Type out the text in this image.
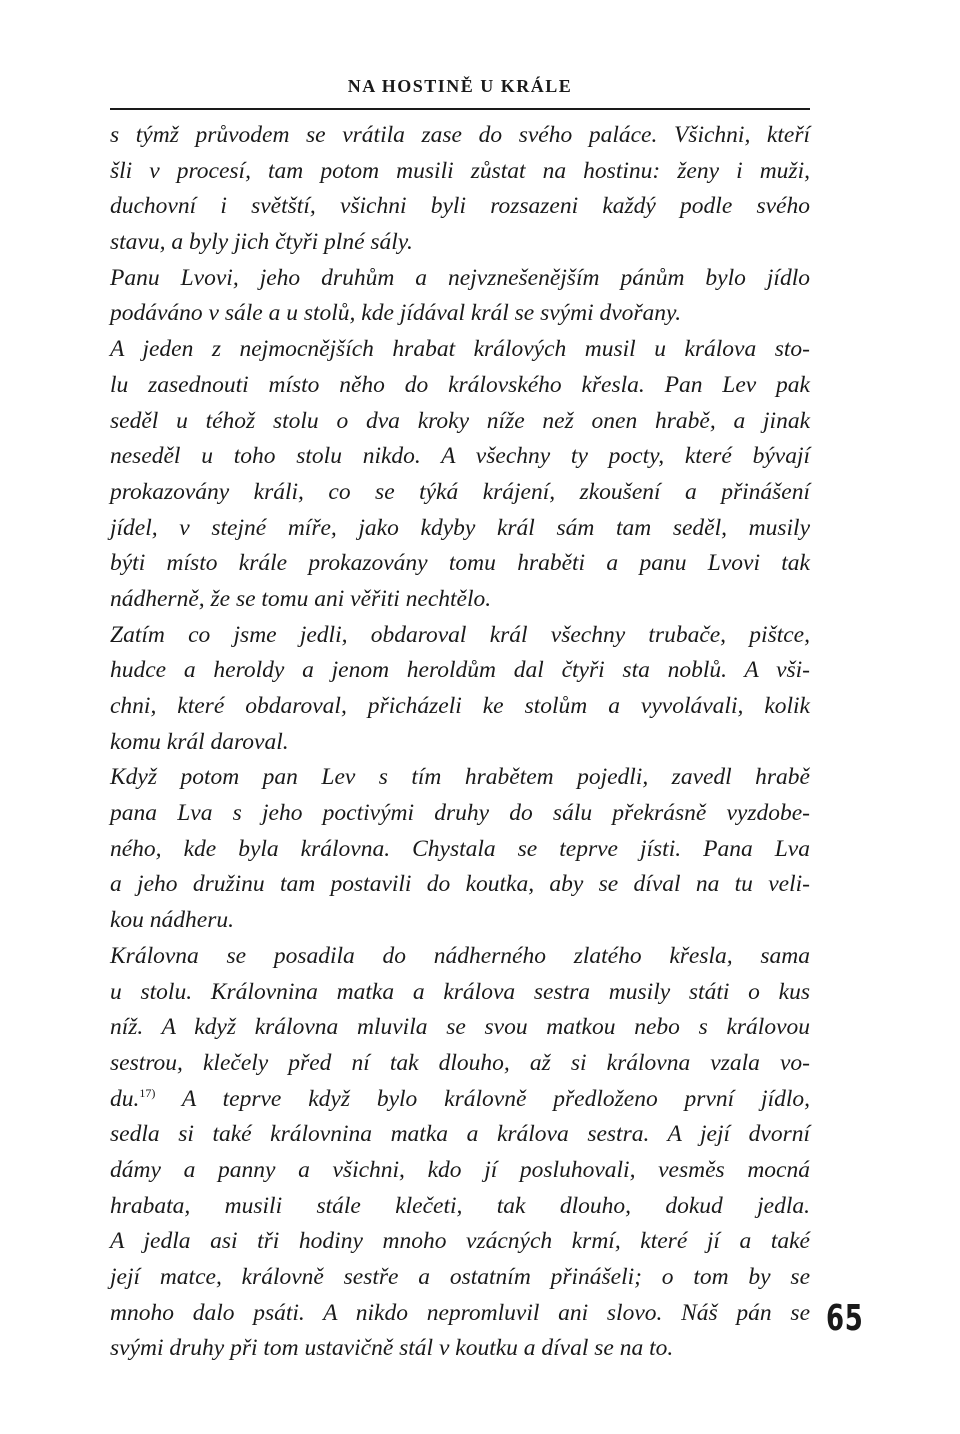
NA HOSTINĚ U KRÁLE
s týmž průvodem se vrátila zase do svého paláce. Všichni, kteří
šli v procesí, tam potom musili zůstat na hostinu: ženy i muži,
duchovní i světští, všichni byli rozsazeni každý podle svého
stavu, a byly jich čtyři plné sály.
Panu Lvovi, jeho druhům a nejvznešenějším pánům bylo jídlo
podáváno v sále a u stolů, kde jídával král se svými dvořany.
A jeden z nejmocnějších hrabat králových musil u králova sto-
lu zasednouti místo něho do královského křesla. Pan Lev pak
seděl u téhož stolu o dva kroky níže než onen hrabě, a jinak
neseděl u toho stolu nikdo. A všechny ty pocty, které bývají
prokazovány králi, co se týká krájení, zkoušení a přinášení
jídel, v stejné míře, jako kdyby král sám tam seděl, musily
býti místo krále prokazovány tomu hraběti a panu Lvovi tak
nádherně, že se tomu ani věřiti nechtělo.
Zatím co jsme jedli, obdaroval král všechny trubače, pištce,
hudce a heroldy a jenom heroldům dal čtyři sta noblů. A vši-
chni, které obdaroval, přicházeli ke stolům a vyvolávali, kolik
komu král daroval.
Když potom pan Lev s tím hrabětem pojedli, zavedl hrabě
pana Lva s jeho poctivými druhy do sálu překrásně vyzdobe-
ného, kde byla královna. Chystala se teprve jísti. Pana Lva
a jeho družinu tam postavili do koutka, aby se díval na tu veli-
kou nádheru.
Královna se posadila do nádherného zlatého křesla, sama
u stolu. Královnina matka a králova sestra musily státi o kus
níž. A když královna mluvila se svou matkou nebo s královou
sestrou, klečely před ní tak dlouho, až si královna vzala vo-
du.$^{17)}$ A teprve když bylo královně předloženo první jídlo,
sedla si také královnina matka a králova sestra. A její dvorní
dámy a panny a všichni, kdo jí posluhovali, vesměs mocná
hrabata, musili stále klečeti, tak dlouho, dokud jedla.
A jedla asi tři hodiny mnoho vzácných krmí, které jí a také
její matce, královně sestře a ostatním přinášeli; o tom by se
mnoho dalo psáti. A nikdo nepromluvil ani slovo. Náš pán se
svými druhy při tom ustavičně stál v koutku a díval se na to.
65
